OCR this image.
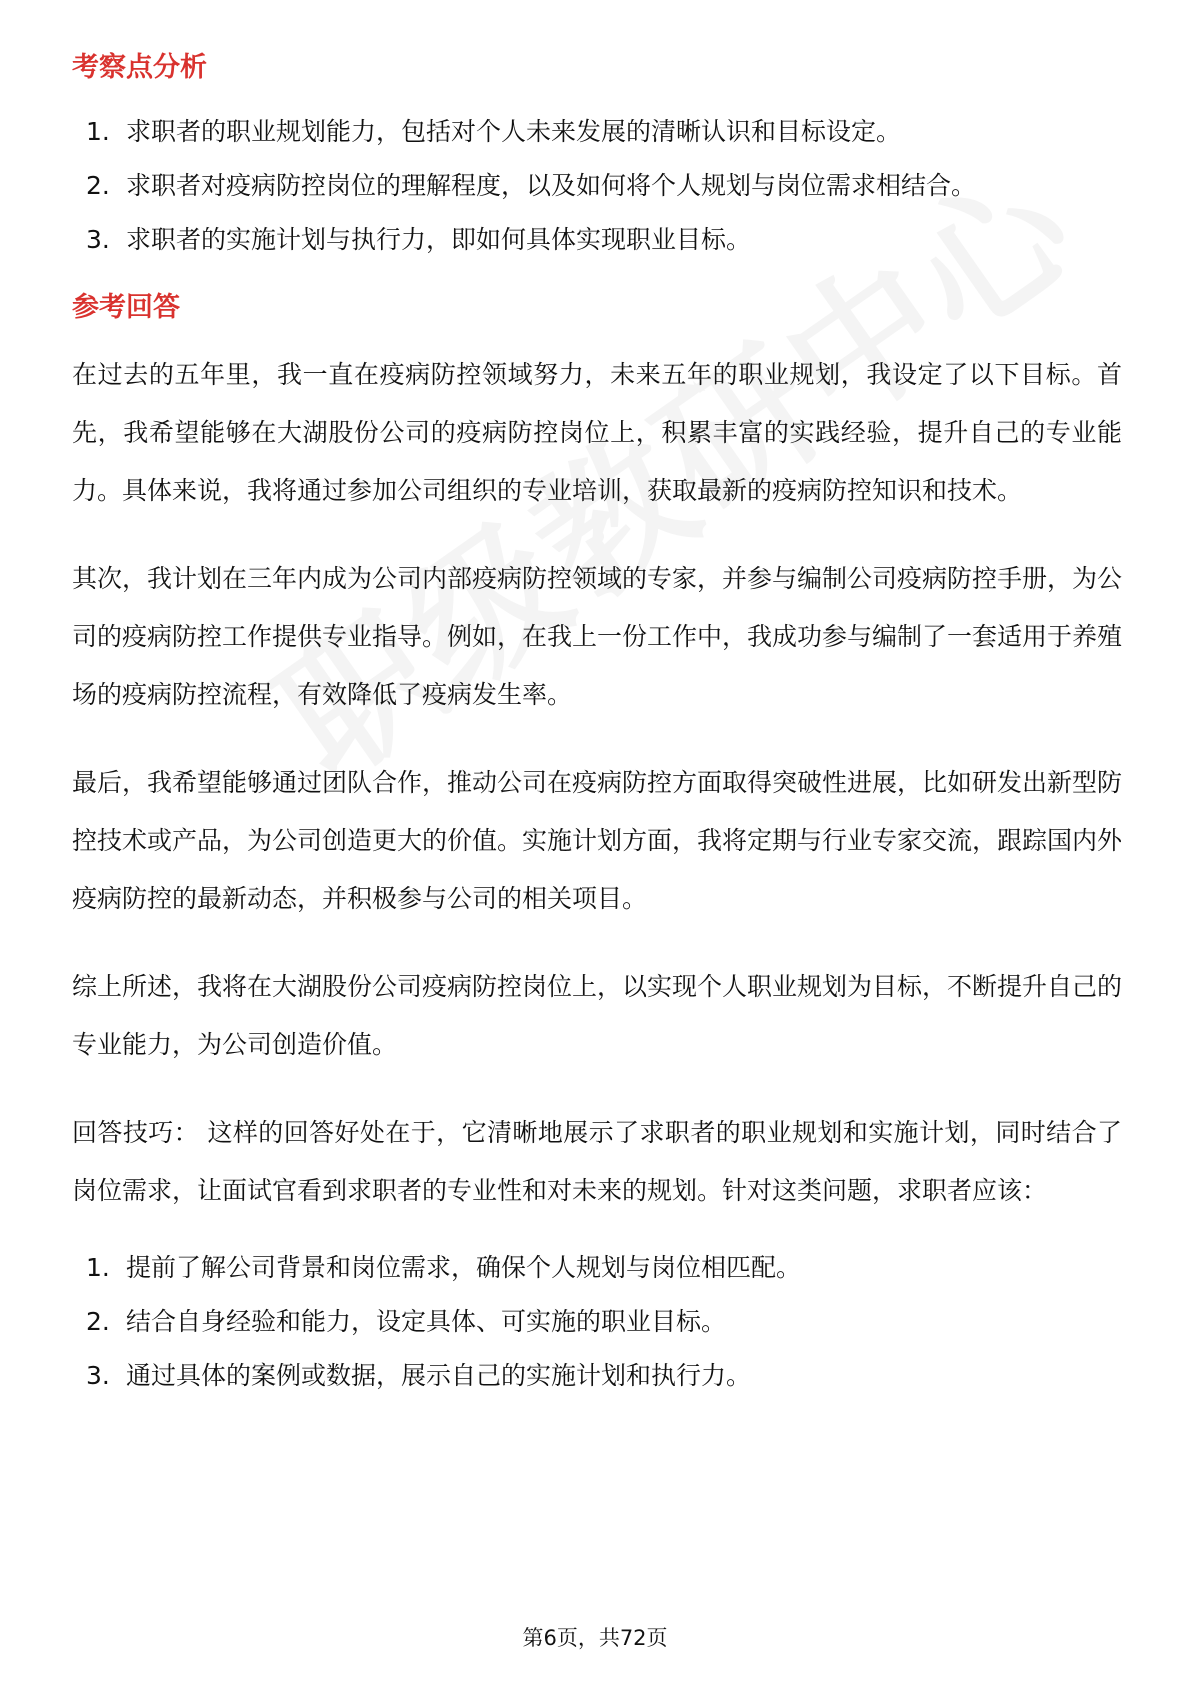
考察点分析
1. 求职者的职业规划能力，包括对个人未来发展的清晰认识和目标设定。
2. 求职者对疫病防控岗位的理解程度，以及如何将个人规划与岗位需求相结合。
3. 求职者的实施计划与执行力，即如何具体实现职业目标。
参考回答

在过去的五年里，我一直在疫病防控领域努力，未来五年的职业规划，我设定了以下目标。首先，我希望能够在大湖股份公司的疫病防控岗位上，积累丰富的实践经验，提升自己的专业能力。具体来说，我将通过参加公司组织的专业培训，获取最新的疫病防控知识和技术。

其次，我计划在三年内成为公司内部疫病防控领域的专家，并参与编制公司疫病防控手册，为公司的疫病防控工作提供专业指导。例如，在我上一份工作中，我成功参与编制了一套适用于养殖场的疫病防控流程，有效降低了疫病发生率。

最后，我希望能够通过团队合作，推动公司在疫病防控方面取得突破性进展，比如研发出新型防控技术或产品，为公司创造更大的价值。实施计划方面，我将定期与行业专家交流，跟踪国内外疫病防控的最新动态，并积极参与公司的相关项目。

综上所述，我将在大湖股份公司疫病防控岗位上，以实现个人职业规划为目标，不断提升自己的专业能力，为公司创造价值。

回答技巧： 这样的回答好处在于，它清晰地展示了求职者的职业规划和实施计划，同时结合了岗位需求，让面试官看到求职者的专业性和对未来的规划。针对这类问题，求职者应该：

1. 提前了解公司背景和岗位需求，确保个人规划与岗位相匹配。
2. 结合自身经验和能力，设定具体、可实施的职业目标。
3. 通过具体的案例或数据，展示自己的实施计划和执行力。
第6页，共72页
